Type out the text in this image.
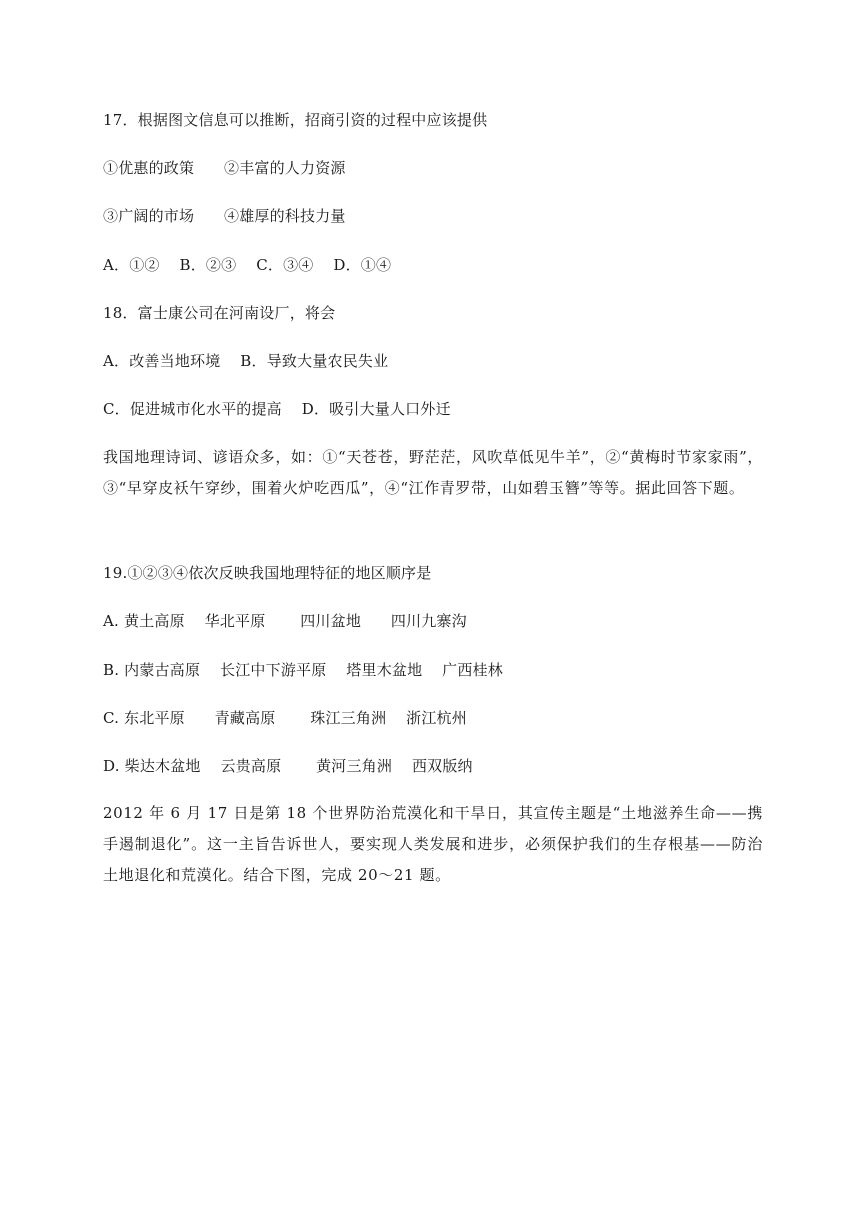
17．根据图文信息可以推断，招商引资的过程中应该提供
①优惠的政策      ②丰富的人力资源
③广阔的市场      ④雄厚的科技力量
A．①②    B．②③    C．③④    D．①④
18．富士康公司在河南设厂，将会
A．改善当地环境    B．导致大量农民失业
C．促进城市化水平的提高    D．吸引大量人口外迁
我国地理诗词、谚语众多，如：①“天苍苍，野茫茫，风吹草低见牛羊”，②“黄梅时节家家雨”，③“早穿皮袄午穿纱，围着火炉吃西瓜”，④“江作青罗带，山如碧玉簪”等等。据此回答下题。
19.①②③④依次反映我国地理特征的地区顺序是
A. 黄土高原    华北平原       四川盆地      四川九寨沟
B. 内蒙古高原    长江中下游平原    塔里木盆地    广西桂林
C. 东北平原      青藏高原       珠江三角洲    浙江杭州
D. 柴达木盆地    云贵高原       黄河三角洲    西双版纳
2012 年 6 月 17 日是第 18 个世界防治荒漠化和干旱日，其宣传主题是“土地滋养生命——携手遏制退化”。这一主旨告诉世人，要实现人类发展和进步，必须保护我们的生存根基——防治土地退化和荒漠化。结合下图，完成 20～21 题。
